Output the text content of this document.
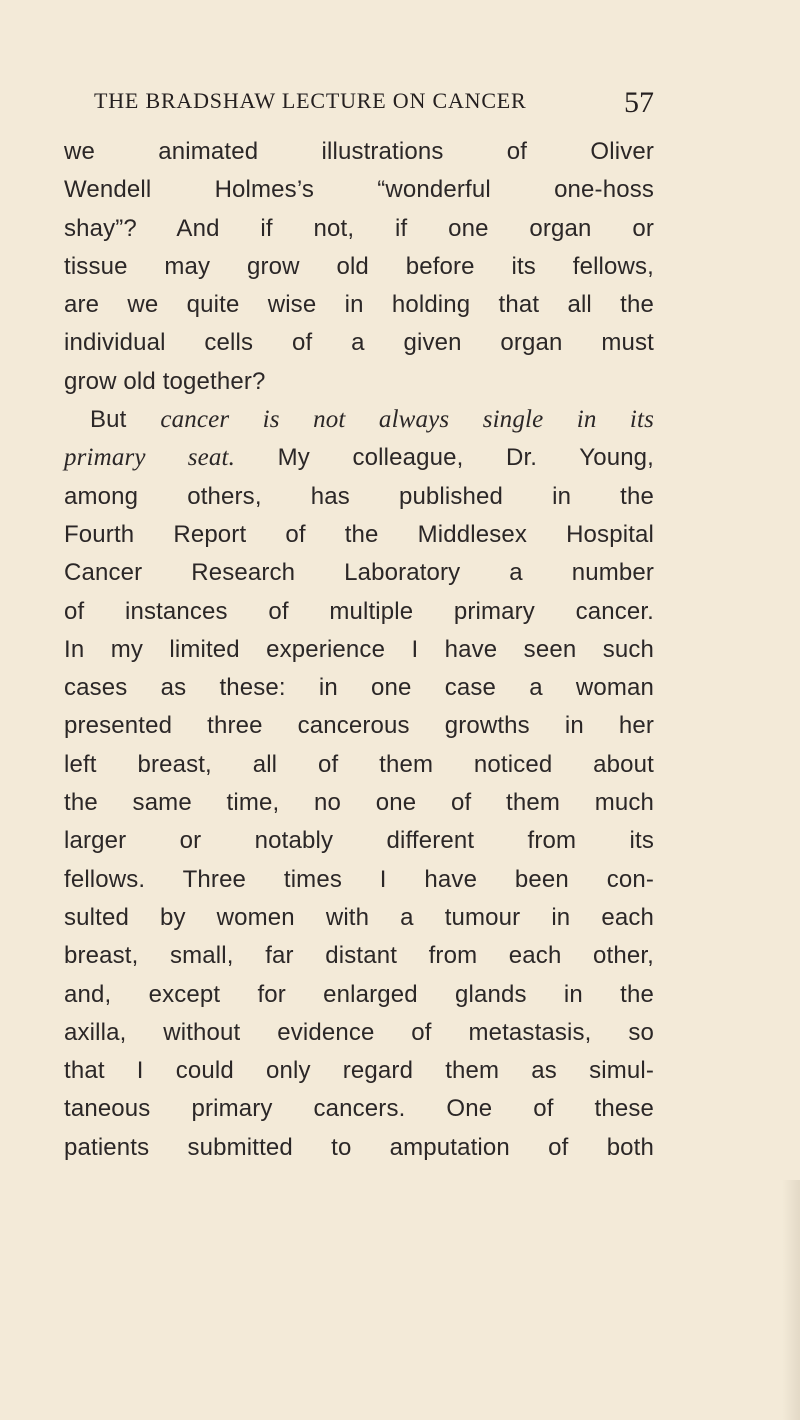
THE BRADSHAW LECTURE ON CANCER	57
we animated illustrations of Oliver
Wendell Holmes’s “wonderful one-hoss
shay”? And if not, if one organ or
tissue may grow old before its fellows,
are we quite wise in holding that all the
individual cells of a given organ must
grow old together?
But cancer is not always single in its
primary seat. My colleague, Dr. Young,
among others, has published in the
Fourth Report of the Middlesex Hospital
Cancer Research Laboratory a number
of instances of multiple primary cancer.
In my limited experience I have seen such
cases as these: in one case a woman
presented three cancerous growths in her
left breast, all of them noticed about
the same time, no one of them much
larger or notably different from its
fellows. Three times I have been con-
sulted by women with a tumour in each
breast, small, far distant from each other,
and, except for enlarged glands in the
axilla, without evidence of metastasis, so
that I could only regard them as simul-
taneous primary cancers. One of these
patients submitted to amputation of both
